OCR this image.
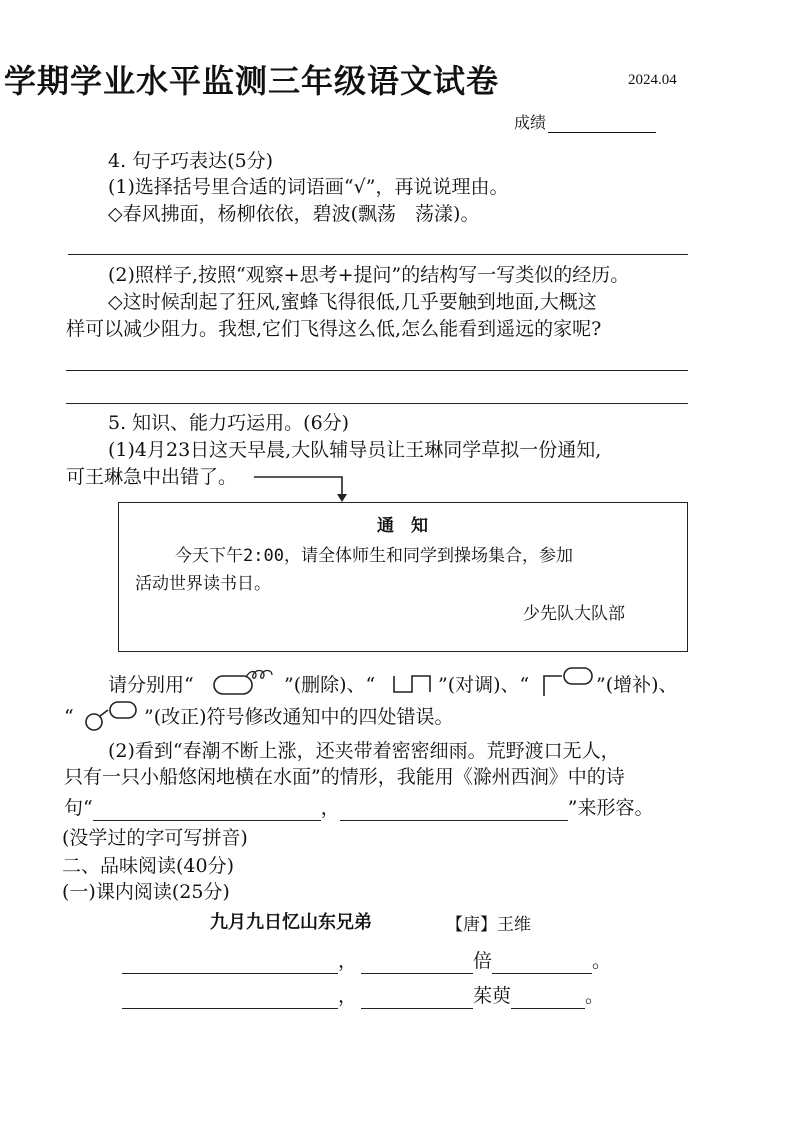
学期学业水平监测三年级语文试卷	2024.04
成绩
4. 句子巧表达(5分)
(1)选择括号里合适的词语画“√”，再说说理由。
◇春风拂面，杨柳依依，碧波(飘荡　荡漾)。
(2)照样子,按照“观察+思考+提问”的结构写一写类似的经历。
◇这时候刮起了狂风,蜜蜂飞得很低,几乎要触到地面,大概这
样可以减少阻力。我想,它们飞得这么低,怎么能看到遥远的家呢?
5. 知识、能力巧运用。(6分)
(1)4月23日这天早晨,大队辅导员让王琳同学草拟一份通知,
可王琳急中出错了。
通　知
今天下午2:00，请全体师生和同学到操场集合，参加
活动世界读书日。
少先队大队部
请分别用“	”(删除)、“	”(对调)、“	”(增补)、
“	”(改正)符号修改通知中的四处错误。
(2)看到“春潮不断上涨，还夹带着密密细雨。荒野渡口无人，
只有一只小船悠闲地横在水面”的情形，我能用《滁州西涧》中的诗
句“	，	”来形容。
(没学过的字可写拼音)
二、品味阅读(40分)
(一)课内阅读(25分)
九月九日忆山东兄弟	【唐】王维
，	倍	。
，	茱萸	。
